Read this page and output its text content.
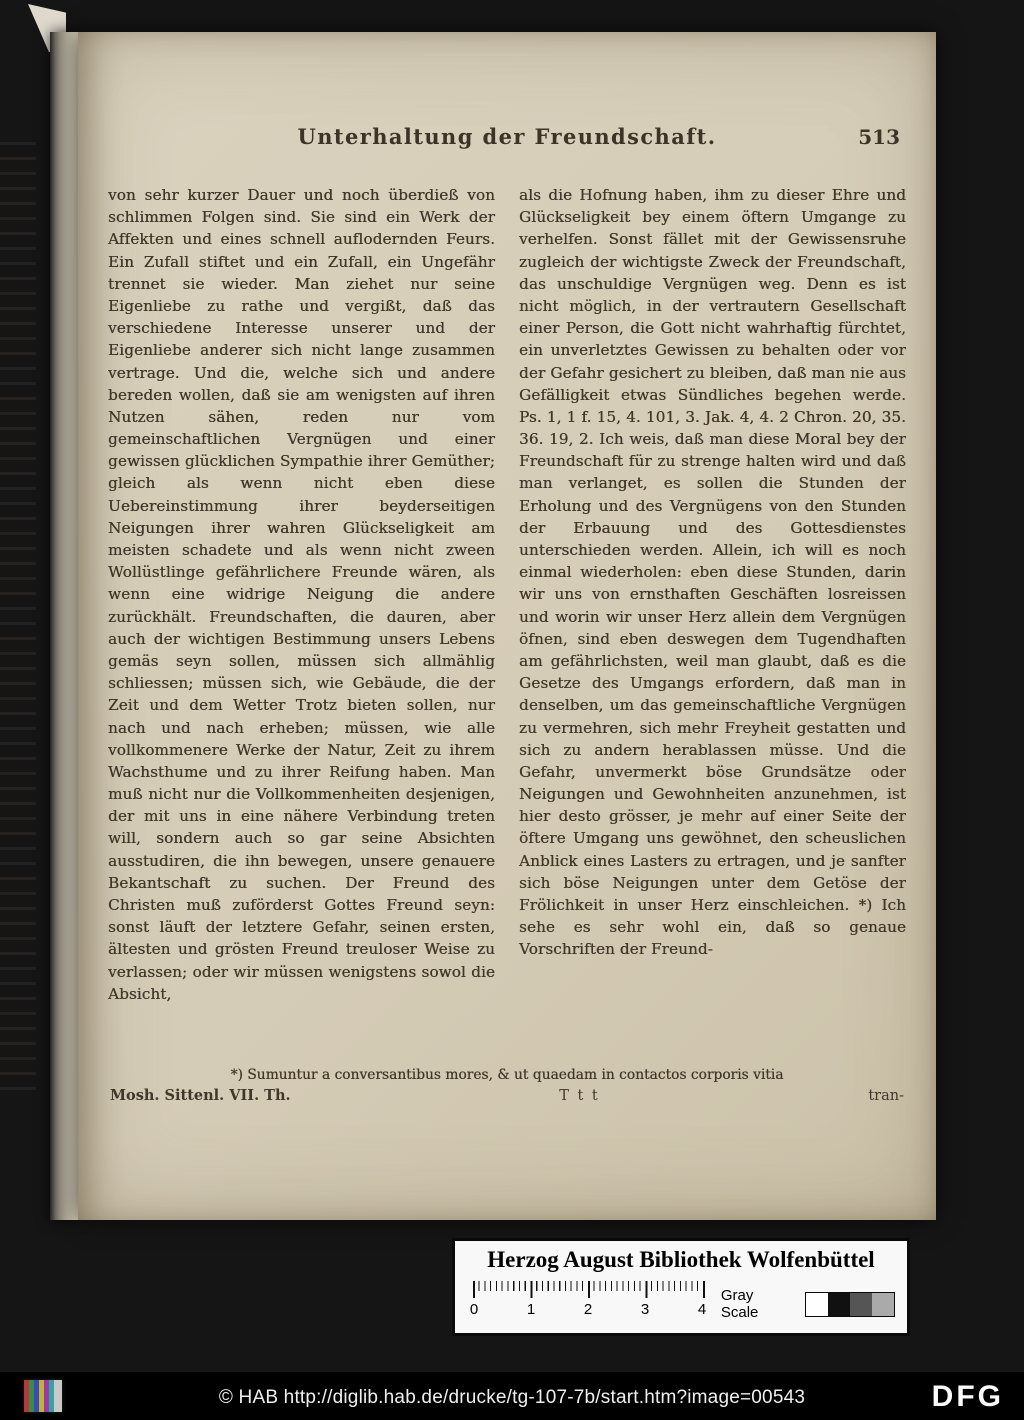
Unterhaltung der Freundschaft.	513
von sehr kurzer Dauer und noch überdieß von schlimmen Folgen sind. Sie sind ein Werk der Affekten und eines schnell auflodernden Feurs. Ein Zufall stiftet und ein Zufall, ein Ungefähr trennet sie wieder. Man ziehet nur seine Eigenliebe zu rathe und vergißt, daß das verschiedene Interesse unserer und der Eigenliebe anderer sich nicht lange zusammen vertrage. Und die, welche sich und andere bereden wollen, daß sie am wenigsten auf ihren Nutzen sähen, reden nur vom gemeinschaftlichen Vergnügen und einer gewissen glücklichen Sympathie ihrer Gemüther; gleich als wenn nicht eben diese Uebereinstimmung ihrer beyderseitigen Neigungen ihrer wahren Glückseligkeit am meisten schadete und als wenn nicht zween Wollüstlinge gefährlichere Freunde wären, als wenn eine widrige Neigung die andere zurückhält. Freundschaften, die dauren, aber auch der wichtigen Bestimmung unsers Lebens gemäs seyn sollen, müssen sich allmählig schliessen; müssen sich, wie Gebäude, die der Zeit und dem Wetter Trotz bieten sollen, nur nach und nach erheben; müssen, wie alle vollkommenere Werke der Natur, Zeit zu ihrem Wachsthume und zu ihrer Reifung haben. Man muß nicht nur die Vollkommenheiten desjenigen, der mit uns in eine nähere Verbindung treten will, sondern auch so gar seine Absichten ausstudiren, die ihn bewegen, unsere genauere Bekantschaft zu suchen. Der Freund des Christen muß zuförderst Gottes Freund seyn: sonst läuft der letztere Gefahr, seinen ersten, ältesten und grösten Freund treuloser Weise zu verlassen; oder wir müssen wenigstens sowol die Absicht,
als die Hofnung haben, ihm zu dieser Ehre und Glückseligkeit bey einem öftern Umgange zu verhelfen. Sonst fället mit der Gewissensruhe zugleich der wichtigste Zweck der Freundschaft, das unschuldige Vergnügen weg. Denn es ist nicht möglich, in der vertrautern Gesellschaft einer Person, die Gott nicht wahrhaftig fürchtet, ein unverletztes Gewissen zu behalten oder vor der Gefahr gesichert zu bleiben, daß man nie aus Gefälligkeit etwas Sündliches begehen werde. Ps. 1, 1 f. 15, 4. 101, 3. Jak. 4, 4. 2 Chron. 20, 35. 36. 19, 2. Ich weis, daß man diese Moral bey der Freundschaft für zu strenge halten wird und daß man verlanget, es sollen die Stunden der Erholung und des Vergnügens von den Stunden der Erbauung und des Gottesdienstes unterschieden werden. Allein, ich will es noch einmal wiederholen: eben diese Stunden, darin wir uns von ernsthaften Geschäften losreissen und worin wir unser Herz allein dem Vergnügen öfnen, sind eben deswegen dem Tugendhaften am gefährlichsten, weil man glaubt, daß es die Gesetze des Umgangs erfordern, daß man in denselben, um das gemeinschaftliche Vergnügen zu vermehren, sich mehr Freyheit gestatten und sich zu andern herablassen müsse. Und die Gefahr, unvermerkt böse Grundsätze oder Neigungen und Gewohnheiten anzunehmen, ist hier desto grösser, je mehr auf einer Seite der öftere Umgang uns gewöhnet, den scheuslichen Anblick eines Lasters zu ertragen, und je sanfter sich böse Neigungen unter dem Getöse der Frölichkeit in unser Herz einschleichen. *) Ich sehe es sehr wohl ein, daß so genaue Vorschriften der Freund-
*) Sumuntur a conversantibus mores, & ut quaedam in contactos corporis vitia
Mosh. Sittenl. VII. Th.	T t t	tran-
Herzog August Bibliothek Wolfenbüttel
0	1	2	3	4
Gray Scale
© HAB http://diglib.hab.de/drucke/tg-107-7b/start.htm?image=00543	DFG
